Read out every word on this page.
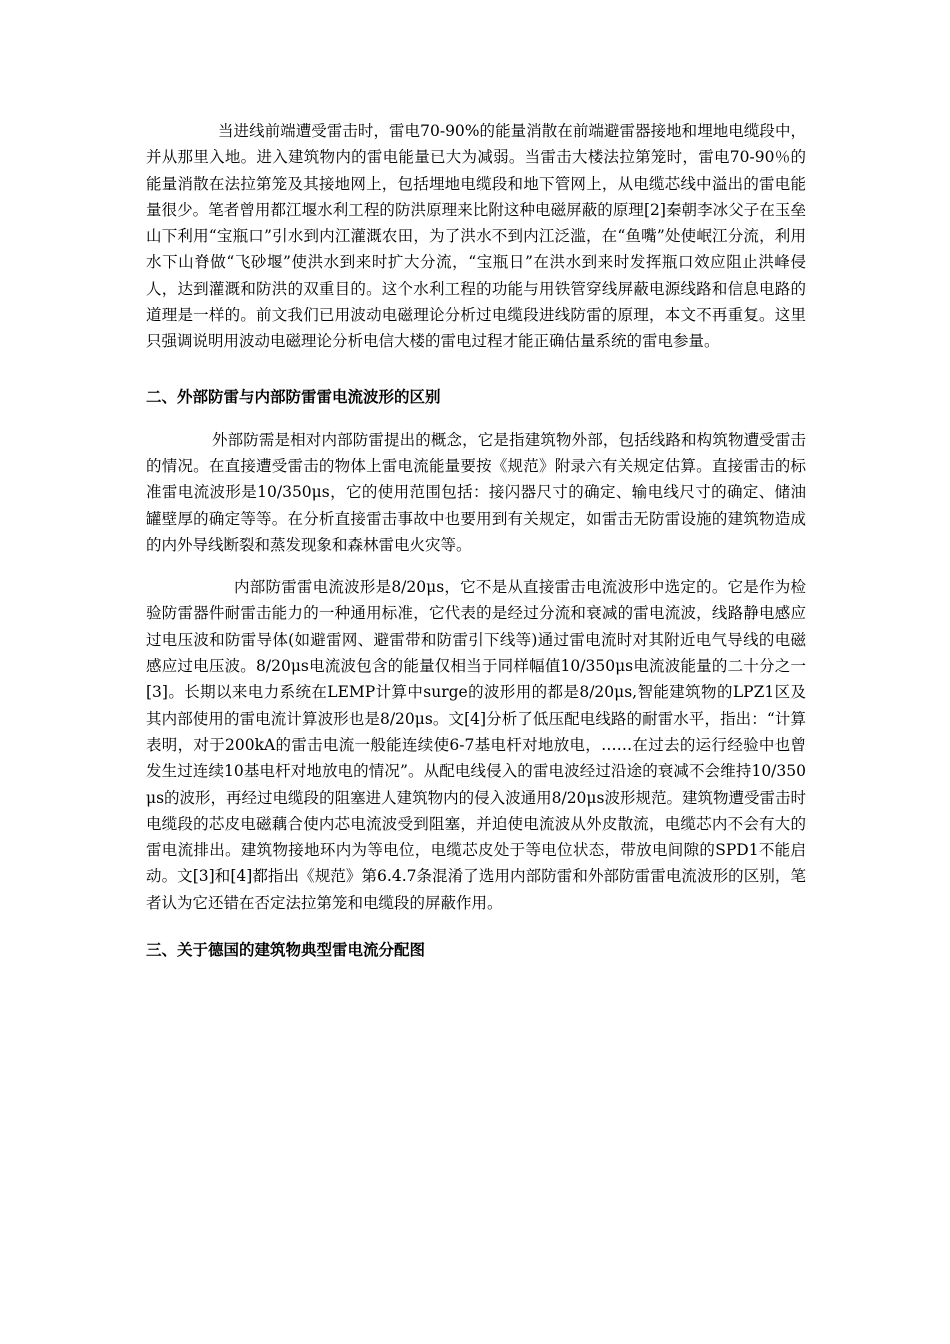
当进线前端遭受雷击时，雷电70-90%的能量消散在前端避雷器接地和埋地电缆段中，并从那里入地。进入建筑物内的雷电能量已大为减弱。当雷击大楼法拉第笼时，雷电70-90％的能量消散在法拉第笼及其接地网上，包括埋地电缆段和地下管网上，从电缆芯线中溢出的雷电能量很少。笔者曾用都江堰水利工程的防洪原理来比附这种电磁屏蔽的原理[2]秦朝李冰父子在玉垒山下利用“宝瓶口”引水到内江灌溉农田，为了洪水不到内江泛滥，在“鱼嘴”处使岷江分流，利用水下山脊做“飞砂堰”使洪水到来时扩大分流，“宝瓶日”在洪水到来时发挥瓶口效应阻止洪峰侵人，达到灌溉和防洪的双重目的。这个水利工程的功能与用铁管穿线屏蔽电源线路和信息电路的道理是一样的。前文我们已用波动电磁理论分析过电缆段进线防雷的原理，本文不再重复。这里只强调说明用波动电磁理论分析电信大楼的雷电过程才能正确估量系统的雷电参量。

二、外部防雷与内部防雷雷电流波形的区别

外部防需是相对内部防雷提出的概念，它是指建筑物外部，包括线路和构筑物遭受雷击的情况。在直接遭受雷击的物体上雷电流能量要按《规范》附录六有关规定估算。直接雷击的标准雷电流波形是10/350μs，它的使用范围包括：接闪器尺寸的确定、输电线尺寸的确定、储油罐壁厚的确定等等。在分析直接雷击事故中也要用到有关规定，如雷击无防雷设施的建筑物造成的内外导线断裂和蒸发现象和森林雷电火灾等。

内部防雷雷电流波形是8/20μs，它不是从直接雷击电流波形中选定的。它是作为检验防雷器件耐雷击能力的一种通用标准，它代表的是经过分流和衰减的雷电流波，线路静电感应过电压波和防雷导体(如避雷网、避雷带和防雷引下线等)通过雷电流时对其附近电气导线的电磁感应过电压波。8/20μs电流波包含的能量仅相当于同样幅值10/350μs电流波能量的二十分之一[3]。长期以来电力系统在LEMP计算中surge的波形用的都是8/20μs,智能建筑物的LPZ1区及其内部使用的雷电流计算波形也是8/20μs。文[4]分析了低压配电线路的耐雷水平，指出：“计算表明，对于200kA的雷击电流一般能连续使6-7基电杆对地放电，……在过去的运行经验中也曾发生过连续10基电杆对地放电的情况”。从配电线侵入的雷电波经过沿途的衰减不会维持10/350μs的波形，再经过电缆段的阻塞进人建筑物内的侵入波通用8/20μs波形规范。建筑物遭受雷击时电缆段的芯皮电磁藕合使内芯电流波受到阻塞，并迫使电流波从外皮散流，电缆芯内不会有大的雷电流排出。建筑物接地环内为等电位，电缆芯皮处于等电位状态，带放电间隙的SPD1不能启动。文[3]和[4]都指出《规范》第6.4.7条混淆了选用内部防雷和外部防雷雷电流波形的区别，笔者认为它还错在否定法拉第笼和电缆段的屏蔽作用。

三、关于德国的建筑物典型雷电流分配图
